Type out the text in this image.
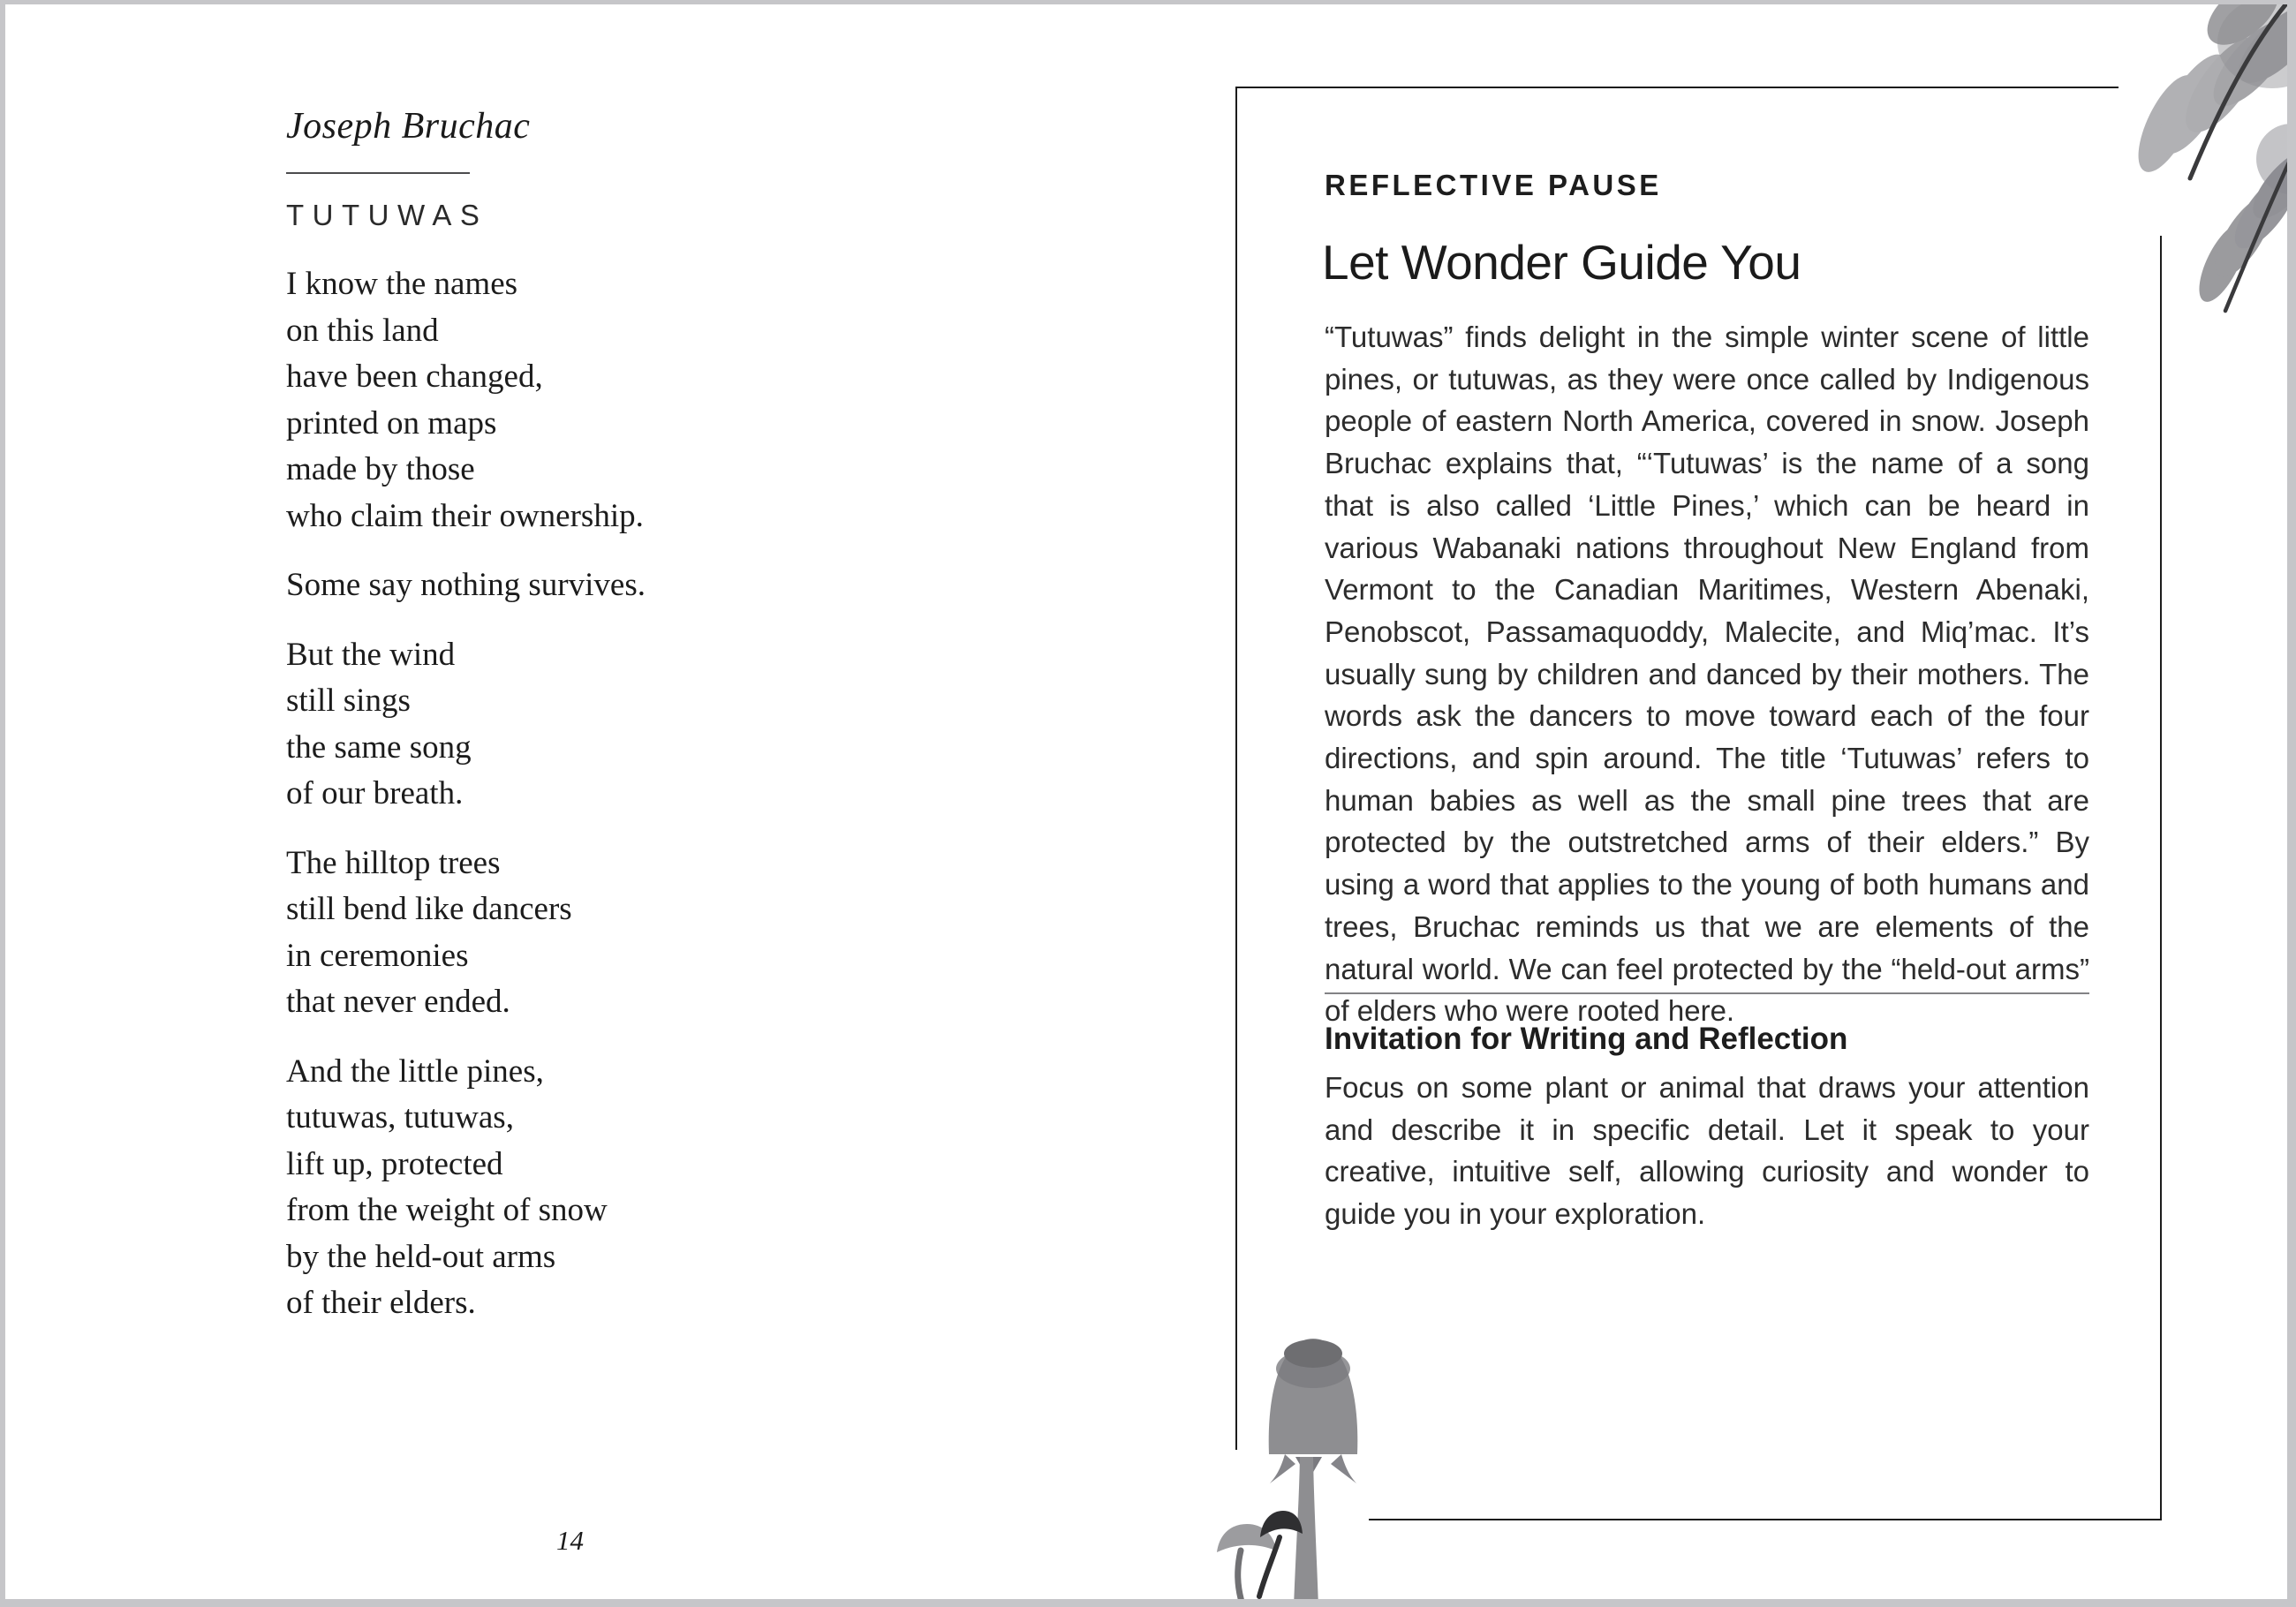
Joseph Bruchac
TUTUWAS
I know the names
on this land
have been changed,
printed on maps
made by those
who claim their ownership.
Some say nothing survives.
But the wind
still sings
the same song
of our breath.
The hilltop trees
still bend like dancers
in ceremonies
that never ended.
And the little pines,
tutuwas, tutuwas,
lift up, protected
from the weight of snow
by the held-out arms
of their elders.
14
REFLECTIVE PAUSE
Let Wonder Guide You

“Tutuwas” finds delight in the simple winter scene of little pines, or tutuwas, as they were once called by Indigenous people of eastern North America, covered in snow. Joseph Bruchac explains that, “‘Tutuwas’ is the name of a song that is also called ‘Little Pines,’ which can be heard in various Wabanaki nations throughout New England from Vermont to the Canadian Maritimes, Western Abenaki, Penobscot, Passamaquoddy, Malecite, and Miq’mac. It’s usually sung by children and danced by their mothers. The words ask the dancers to move toward each of the four directions, and spin around. The title ‘Tutuwas’ refers to human babies as well as the small pine trees that are protected by the outstretched arms of their elders.” By using a word that applies to the young of both humans and trees, Bruchac reminds us that we are elements of the natural world. We can feel protected by the “held-out arms” of elders who were rooted here.

Invitation for Writing and Reflection

Focus on some plant or animal that draws your attention and describe it in specific detail. Let it speak to your creative, intuitive self, allowing curiosity and wonder to guide you in your exploration.
